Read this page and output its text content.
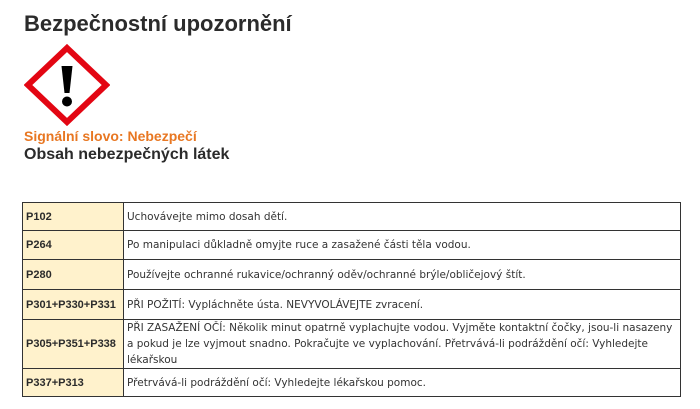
Bezpečnostní upozornění
Signální slovo: Nebezpečí
Obsah nebezpečných látek
P102	Uchovávejte mimo dosah dětí.
P264	Po manipulaci důkladně omyjte ruce a zasažené části těla vodou.
P280	Používejte ochranné rukavice/ochranný oděv/ochranné brýle/obličejový štít.
P301+P330+P331	PŘI POŽITÍ: Vypláchněte ústa. NEVYVOLÁVEJTE zvracení.
P305+P351+P338	PŘI ZASAŽENÍ OČÍ: Několik minut opatrně vyplachujte vodou. Vyjměte kontaktní čočky, jsou-li nasazeny a pokud je lze vyjmout snadno. Pokračujte ve vyplachování. Přetrvává-li podráždění očí: Vyhledejte lékařskou
P337+P313	Přetrvává-li podráždění očí: Vyhledejte lékařskou pomoc.
